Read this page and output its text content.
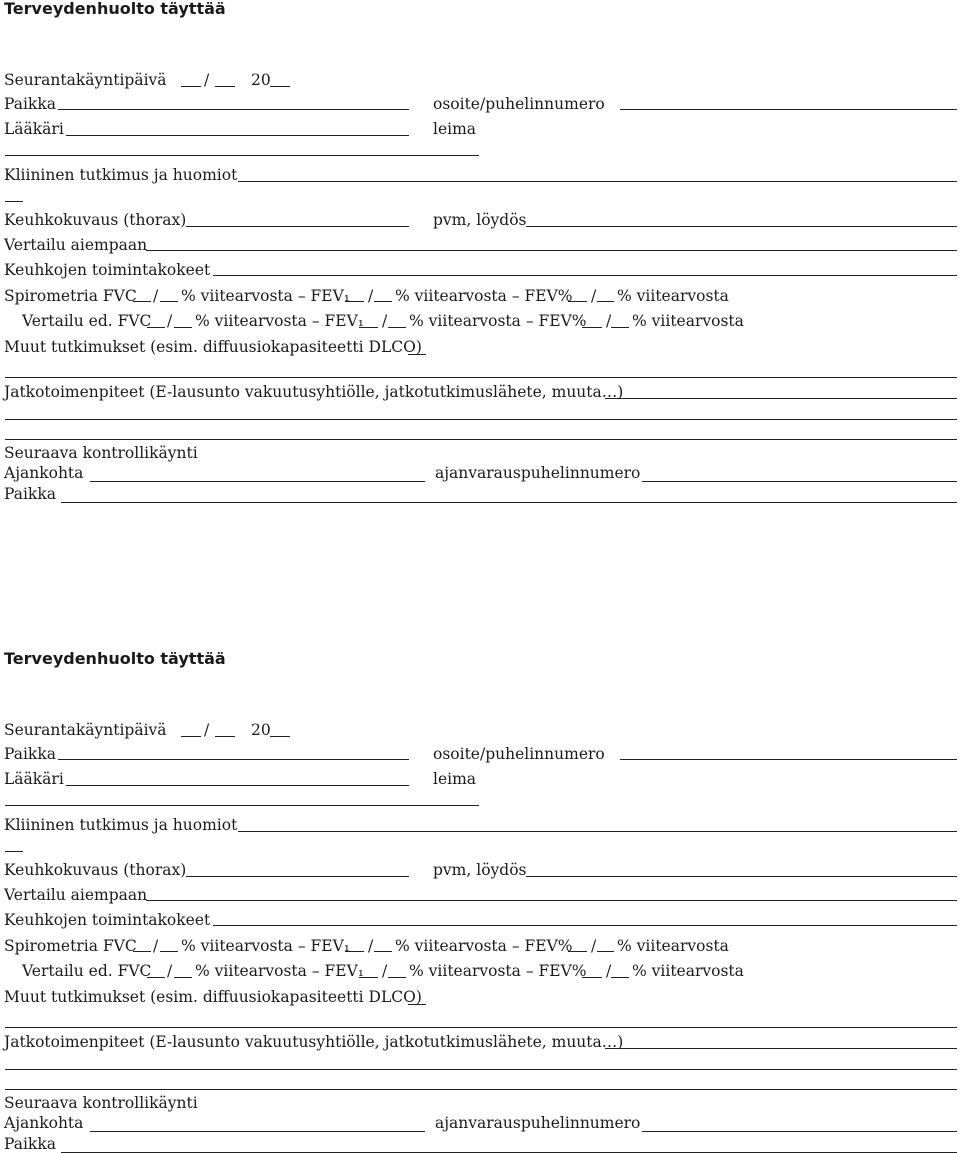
Terveydenhuolto täyttää
Seurantakäyntipäivä /	20
Paikka	osoite/puhelinnumero
Lääkäri	leima
Kliininen tutkimus ja huomiot
Keuhkokuvaus (thorax)	pvm, löydös
Vertailu aiempaan
Keuhkojen toimintakokeet
Spirometria FVC / % viitearvosta – FEV₁ / % viitearvosta – FEV% / % viitearvosta
Vertailu ed. FVC / % viitearvosta – FEV₁ / % viitearvosta – FEV% / % viitearvosta
Muut tutkimukset (esim. diffuusiokapasiteetti DLCO)
Jatkotoimenpiteet (E-lausunto vakuutusyhtiölle, jatkotutkimuslähete, muuta…)
Seuraava kontrollikäynti
Ajankohta	ajanvarauspuhelinnumero
Paikka
Terveydenhuolto täyttää
Seurantakäyntipäivä /	20
Paikka	osoite/puhelinnumero
Lääkäri	leima
Kliininen tutkimus ja huomiot
Keuhkokuvaus (thorax)	pvm, löydös
Vertailu aiempaan
Keuhkojen toimintakokeet
Spirometria FVC / % viitearvosta – FEV₁ / % viitearvosta – FEV% / % viitearvosta
Vertailu ed. FVC / % viitearvosta – FEV₁ / % viitearvosta – FEV% / % viitearvosta
Muut tutkimukset (esim. diffuusiokapasiteetti DLCO)
Jatkotoimenpiteet (E-lausunto vakuutusyhtiölle, jatkotutkimuslähete, muuta…)
Seuraava kontrollikäynti
Ajankohta	ajanvarauspuhelinnumero
Paikka
